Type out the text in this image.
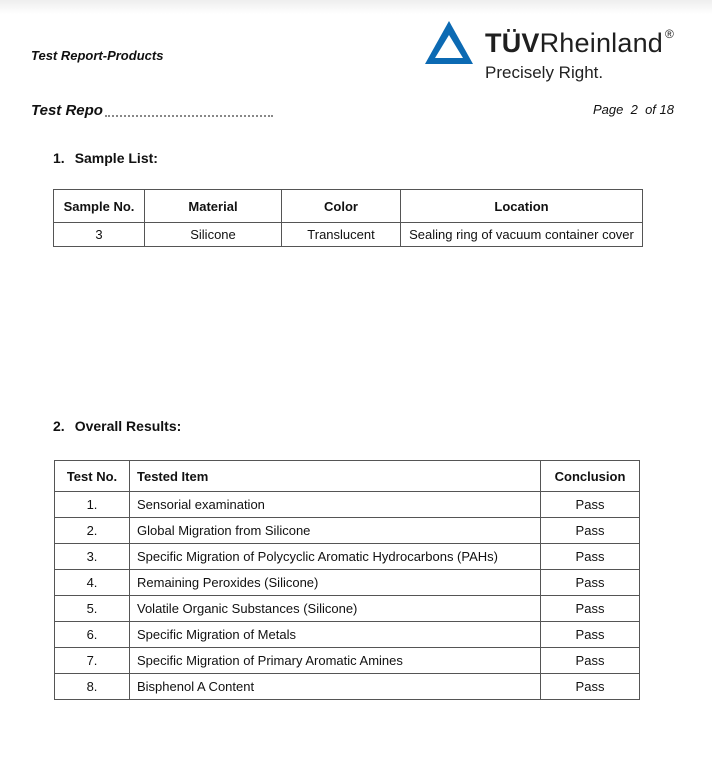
Test Report-Products	TÜVRheinland ®
Precisely Right.
Test Repo	Page 2 of 18
1. Sample List:
Sample No.	Material	Color	Location
3	Silicone	Translucent	Sealing ring of vacuum container cover
2. Overall Results:
Test No.	Tested Item	Conclusion
1.	Sensorial examination	Pass
2.	Global Migration from Silicone	Pass
3.	Specific Migration of Polycyclic Aromatic Hydrocarbons (PAHs)	Pass
4.	Remaining Peroxides (Silicone)	Pass
5.	Volatile Organic Substances (Silicone)	Pass
6.	Specific Migration of Metals	Pass
7.	Specific Migration of Primary Aromatic Amines	Pass
8.	Bisphenol A Content	Pass
